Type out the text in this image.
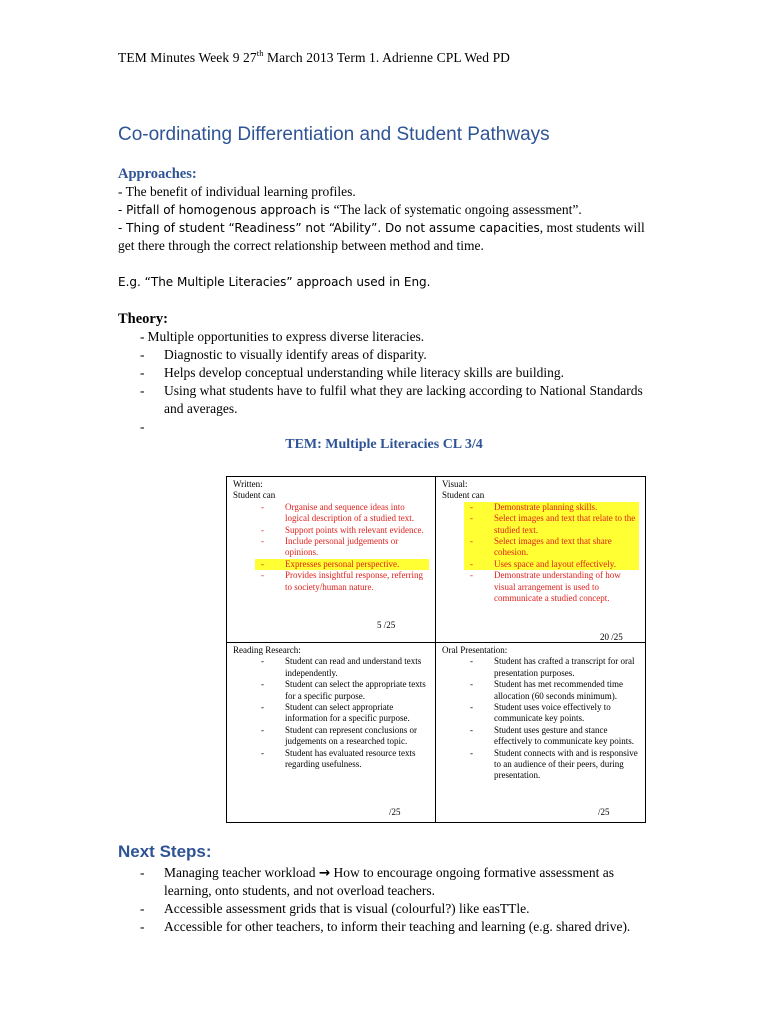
TEM Minutes Week 9 27th March 2013 Term 1. Adrienne CPL Wed PD
Co-ordinating Differentiation and Student Pathways

Approaches:

- The benefit of individual learning profiles.

- Pitfall of homogenous approach is “The lack of systematic ongoing assessment”.

- Thing of student “Readiness” not “Ability”. Do not assume capacities, most students will get there through the correct relationship between method and time.

E.g. “The Multiple Literacies” approach used in Eng.

Theory:

- Multiple opportunities to express diverse literacies.
- Diagnostic to visually identify areas of disparity.
- Helps develop conceptual understanding while literacy skills are building.
- Using what students have to fulfil what they are lacking according to National Standards and averages.
-
TEM: Multiple Literacies CL 3/4
Written:
Student can
- Organise and sequence ideas into logical description of a studied text.
- Support points with relevant evidence.
- Include personal judgements or opinions.
- Expresses personal perspective.
- Provides insightful response, referring to society/human nature.
5 /25
Visual:
Student can
- Demonstrate planning skills.
- Select images and text that relate to the studied text.
- Select images and text that share cohesion.
- Uses space and layout effectively.
- Demonstrate understanding of how visual arrangement is used to communicate a studied concept.
20 /25
Reading Research:
- Student can read and understand texts independently.
- Student can select the appropriate texts for a specific purpose.
- Student can select appropriate information for a specific purpose.
- Student can represent conclusions or judgements on a researched topic.
- Student has evaluated resource texts regarding usefulness.
/25
Oral Presentation:
- Student has crafted a transcript for oral presentation purposes.
- Student has met recommended time allocation (60 seconds minimum).
- Student uses voice effectively to communicate key points.
- Student uses gesture and stance effectively to communicate key points.
- Student connects with and is responsive to an audience of their peers, during presentation.
/25

Next Steps:

- Managing teacher workload → How to encourage ongoing formative assessment as learning, onto students, and not overload teachers.
- Accessible assessment grids that is visual (colourful?) like easTTle.
- Accessible for other teachers, to inform their teaching and learning (e.g. shared drive).
